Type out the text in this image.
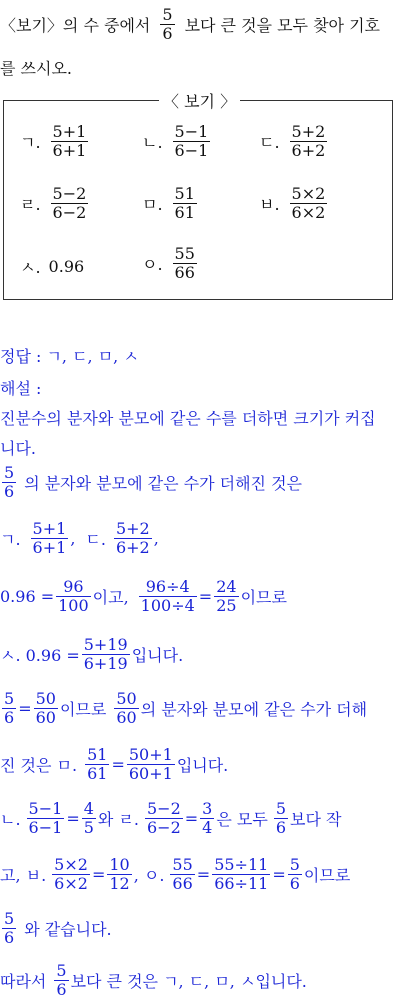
〈보기〉의 수 중에서 $\frac{5}{6}$ 보다 큰 것을 모두 찾아 기호
를 쓰시오.
〈 보기 〉
ㄱ. $\frac{5+1}{6+1}$	ㄴ. $\frac{5-1}{6-1}$	ㄷ. $\frac{5+2}{6+2}$
ㄹ. $\frac{5-2}{6-2}$	ㅁ. $\frac{51}{61}$	ㅂ. $\frac{5\times 2}{6\times 2}$
ㅅ. 0.96	ㅇ. $\frac{55}{66}$
정답 : ㄱ, ㄷ, ㅁ, ㅅ
해설 :
진분수의 분자와 분모에 같은 수를 더하면 크기가 커집
니다.
$\frac{5}{6}$ 의 분자와 분모에 같은 수가 더해진 것은
ㄱ. $\frac{5+1}{6+1}$ , ㄷ. $\frac{5+2}{6+2}$ ,
$0.96 = \frac{96}{100}$ 이고, $\frac{96\div 4}{100\div 4} = \frac{24}{25}$ 이므로
ㅅ. $0.96 = \frac{5+19}{6+19}$ 입니다.
$\frac{5}{6} = \frac{50}{60}$ 이므로 $\frac{50}{60}$ 의 분자와 분모에 같은 수가 더해
진 것은 ㅁ. $\frac{51}{61} = \frac{50+1}{60+1}$ 입니다.
ㄴ. $\frac{5-1}{6-1} = \frac{4}{5}$ 와 ㄹ. $\frac{5-2}{6-2} = \frac{3}{4}$ 은 모두 $\frac{5}{6}$ 보다 작
고, ㅂ. $\frac{5\times 2}{6\times 2} = \frac{10}{12}$ , ㅇ. $\frac{55}{66} = \frac{55\div 11}{66\div 11} = \frac{5}{6}$ 이므로
$\frac{5}{6}$ 와 같습니다.
따라서 $\frac{5}{6}$ 보다 큰 것은 ㄱ, ㄷ, ㅁ, ㅅ입니다.
